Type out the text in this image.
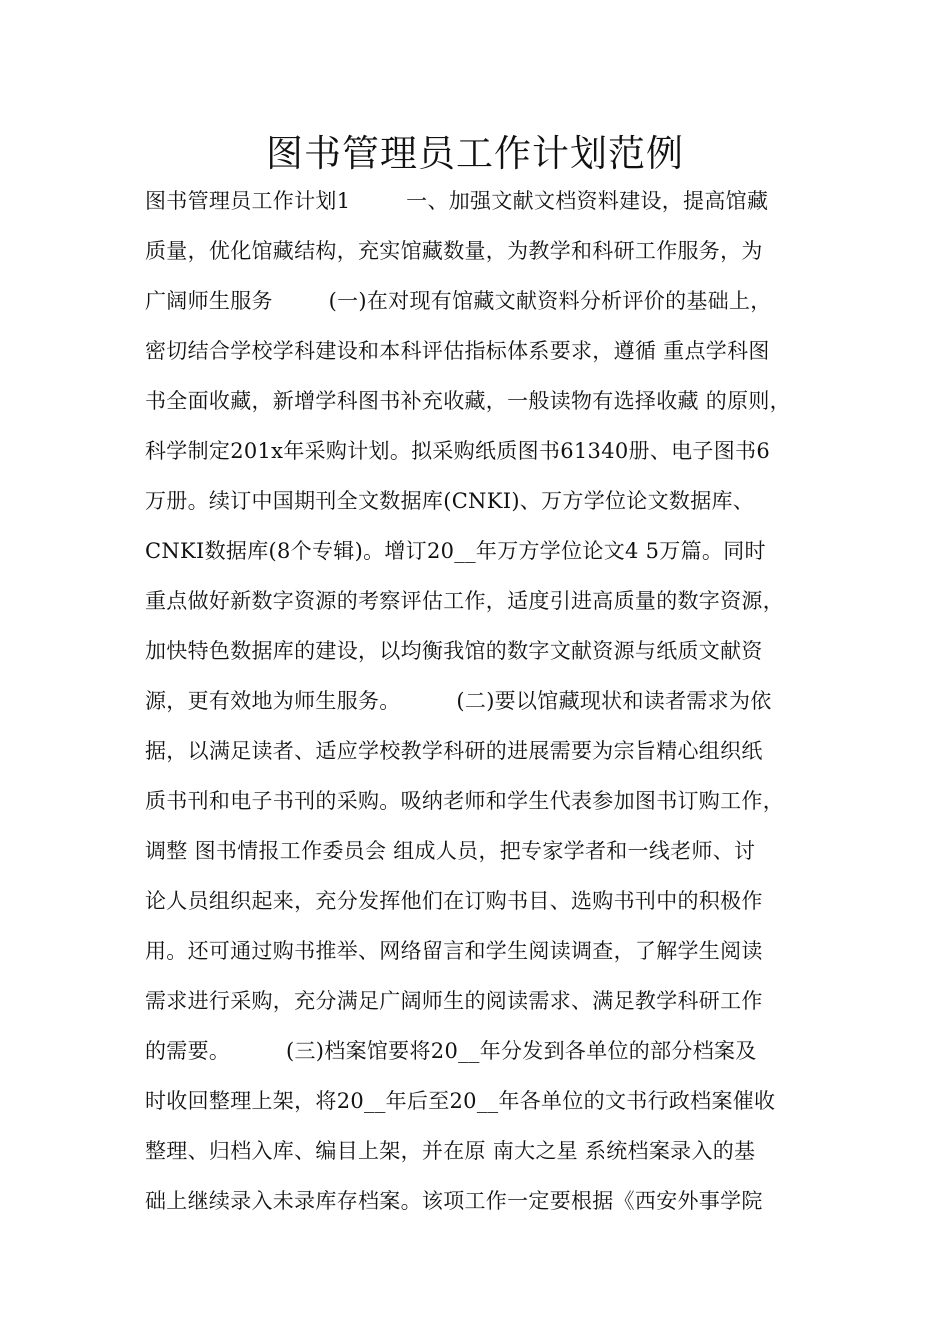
图书管理员工作计划范例
图书管理员工作计划1        一、加强文献文档资料建设，提高馆藏
质量，优化馆藏结构，充实馆藏数量，为教学和科研工作服务，为
广阔师生服务        (一)在对现有馆藏文献资料分析评价的基础上，
密切结合学校学科建设和本科评估指标体系要求，遵循 重点学科图
书全面收藏，新增学科图书补充收藏，一般读物有选择收藏 的原则，
科学制定201x年采购计划。拟采购纸质图书61340册、电子图书6
万册。续订中国期刊全文数据库(CNKI)、万方学位论文数据库、
CNKI数据库(8个专辑)。增订20__年万方学位论文4 5万篇。同时
重点做好新数字资源的考察评估工作，适度引进高质量的数字资源，
加快特色数据库的建设，以均衡我馆的数字文献资源与纸质文献资
源，更有效地为师生服务。        (二)要以馆藏现状和读者需求为依
据，以满足读者、适应学校教学科研的进展需要为宗旨精心组织纸
质书刊和电子书刊的采购。吸纳老师和学生代表参加图书订购工作，
调整 图书情报工作委员会 组成人员，把专家学者和一线老师、讨
论人员组织起来，充分发挥他们在订购书目、选购书刊中的积极作
用。还可通过购书推举、网络留言和学生阅读调查，了解学生阅读
需求进行采购，充分满足广阔师生的阅读需求、满足教学科研工作
的需要。        (三)档案馆要将20__年分发到各单位的部分档案及
时收回整理上架，将20__年后至20__年各单位的文书行政档案催收
整理、归档入库、编目上架，并在原 南大之星 系统档案录入的基
础上继续录入未录库存档案。该项工作一定要根据《西安外事学院
